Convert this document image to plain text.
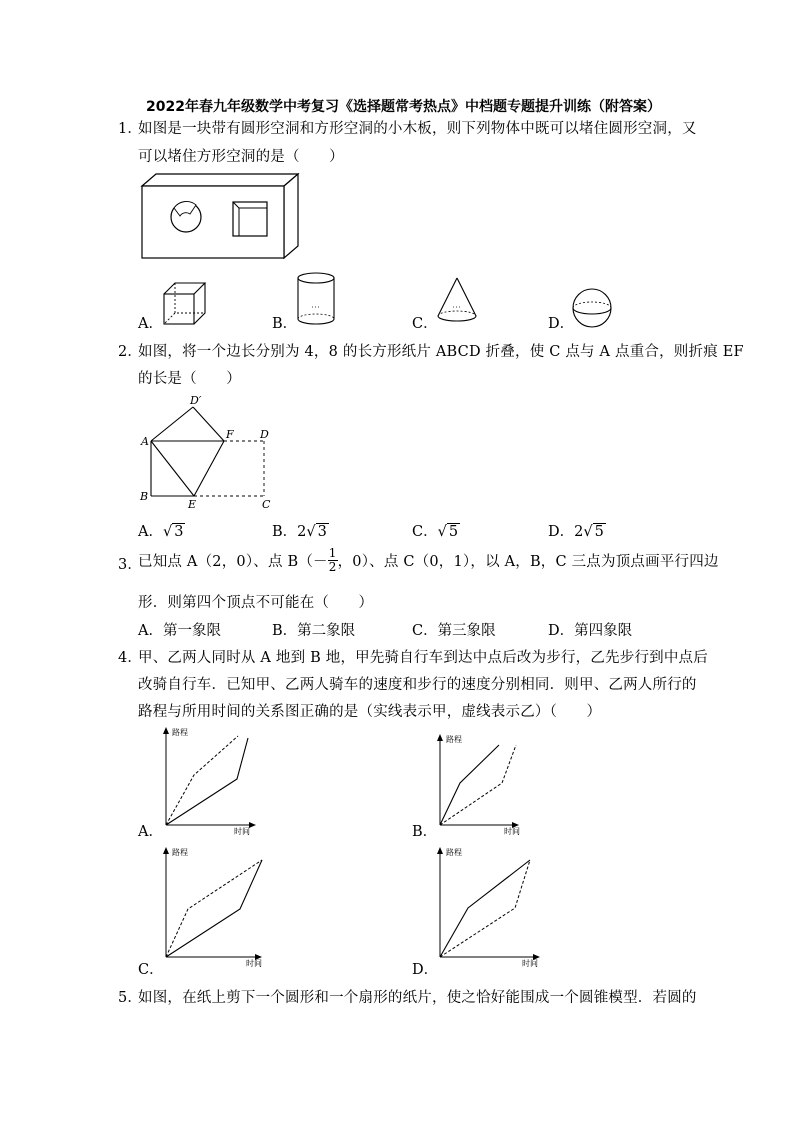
2022年春九年级数学中考复习《选择题常考热点》中档题专题提升训练（附答案）
1．
如图是一块带有圆形空洞和方形空洞的小木板，则下列物体中既可以堵住圆形空洞，又
可以堵住方形空洞的是（　　）
A．	B．	C．	D．
2．
如图，将一个边长分别为 4，8 的长方形纸片 ABCD 折叠，使 C 点与 A 点重合，则折痕 EF
的长是（　　）
A
B
C
D
D′
E
F
A．√ 3	B．2√ 3	C．√ 5	D．2√ 5
3．
已知点 A（2，0）、点 $B(- \frac{1}{2}$ ，0）、点 C（0，1），以 A，B，C 三点为顶点画平行四边
形．则第四个顶点不可能在（　　）
A．第一象限	B．第二象限	C．第三象限	D．第四象限
4．
甲、乙两人同时从 A 地到 B 地，甲先骑自行车到达中点后改为步行，乙先步行到中点后
改骑自行车．已知甲、乙两人骑车的速度和步行的速度分别相同．则甲、乙两人所行的
路程与所用时间的关系图正确的是（实线表示甲，虚线表示乙）（　　）
A．
路程
时间	B．
路程
时间
C．
路程
时间	D．
路程
时间
5．
如图，在纸上剪下一个圆形和一个扇形的纸片，使之恰好能围成一个圆锥模型．若圆的
